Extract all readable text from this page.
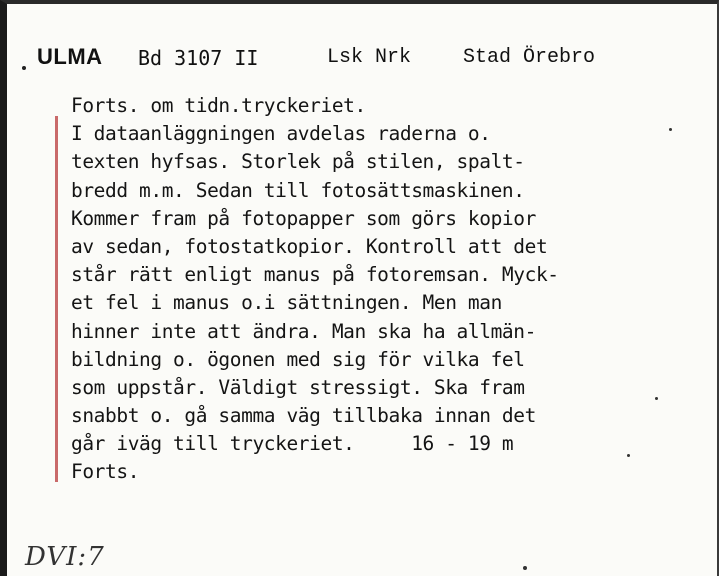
ULMA Bd 3107 II	Lsk Nrk	Stad Örebro
Forts. om tidn.tryckeriet.
I dataanläggningen avdelas raderna o.
texten hyfsas. Storlek på stilen, spalt-
bredd m.m. Sedan till fotosättsmaskinen.
Kommer fram på fotopapper som görs kopior
av sedan, fotostatkopior. Kontroll att det
står rätt enligt manus på fotoremsan. Myck-
et fel i manus o.i sättningen. Men man
hinner inte att ändra. Man ska ha allmän-
bildning o. ögonen med sig för vilka fel
som uppstår. Väldigt stressigt. Ska fram
snabbt o. gå samma väg tillbaka innan det
går iväg till tryckeriet.     16 - 19 m
Forts.
DVI:7
